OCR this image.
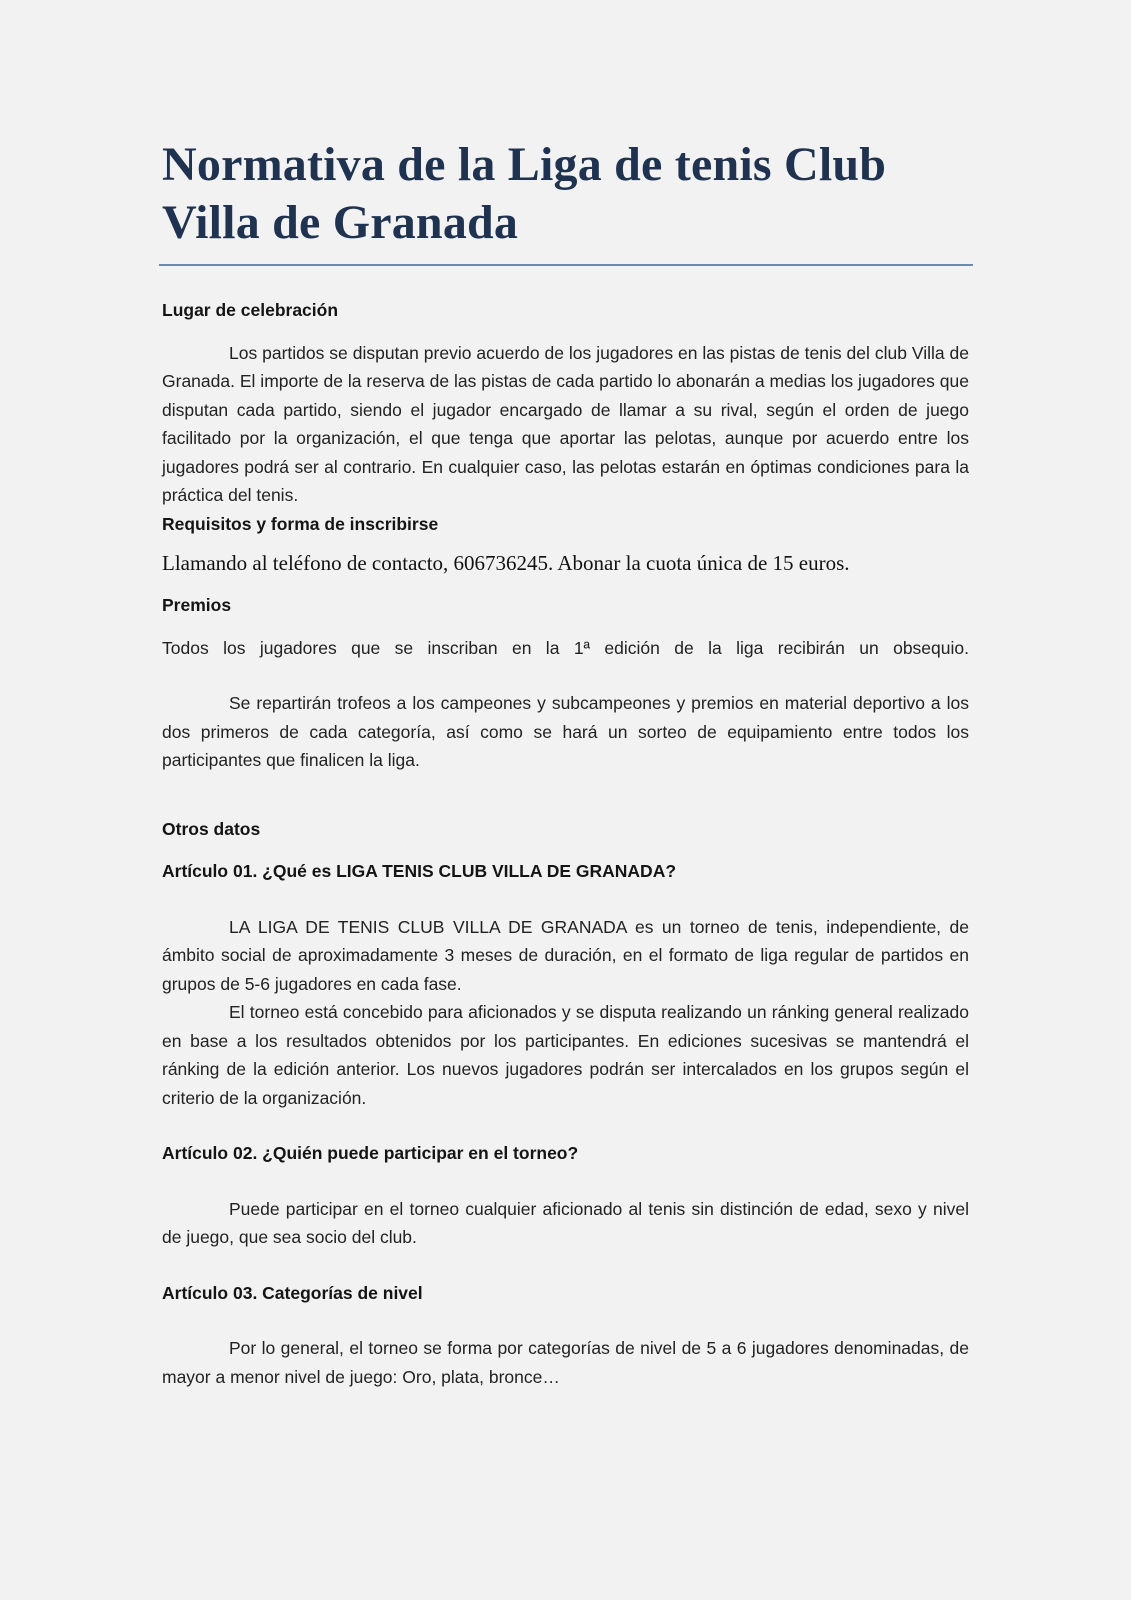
Normativa de la Liga de tenis Club Villa de Granada

Lugar de celebración

Los partidos se disputan previo acuerdo de los jugadores en las pistas de tenis del club Villa de Granada. El importe de la reserva de las pistas de cada partido lo abonarán a medias los jugadores que disputan cada partido, siendo el jugador encargado de llamar a su rival, según el orden de juego facilitado por la organización, el que tenga que aportar las pelotas, aunque por acuerdo entre los jugadores podrá ser al contrario. En cualquier caso, las pelotas estarán en óptimas condiciones para la práctica del tenis.

Requisitos y forma de inscribirse

Llamando al teléfono de contacto, 606736245. Abonar la cuota única de 15 euros.

Premios

Todos los jugadores que se inscriban en la 1ª edición de la liga recibirán un obsequio.

Se repartirán trofeos a los campeones y subcampeones y premios en material deportivo a los dos primeros de cada categoría, así como se hará un sorteo de equipamiento entre todos los participantes que finalicen la liga.

Otros datos

Artículo 01. ¿Qué es LIGA TENIS CLUB VILLA DE GRANADA?

LA LIGA DE TENIS CLUB VILLA DE GRANADA es un torneo de tenis, independiente, de ámbito social de aproximadamente 3 meses de duración, en el formato de liga regular de partidos en grupos de 5-6 jugadores en cada fase.

El torneo está concebido para aficionados y se disputa realizando un ránking general realizado en base a los resultados obtenidos por los participantes. En ediciones sucesivas se mantendrá el ránking de la edición anterior. Los nuevos jugadores podrán ser intercalados en los grupos según el criterio de la organización.

Artículo 02. ¿Quién puede participar en el torneo?

Puede participar en el torneo cualquier aficionado al tenis sin distinción de edad, sexo y nivel de juego, que sea socio del club.

Artículo 03. Categorías de nivel

Por lo general, el torneo se forma por categorías de nivel de 5 a 6 jugadores denominadas, de mayor a menor nivel de juego: Oro, plata, bronce…
